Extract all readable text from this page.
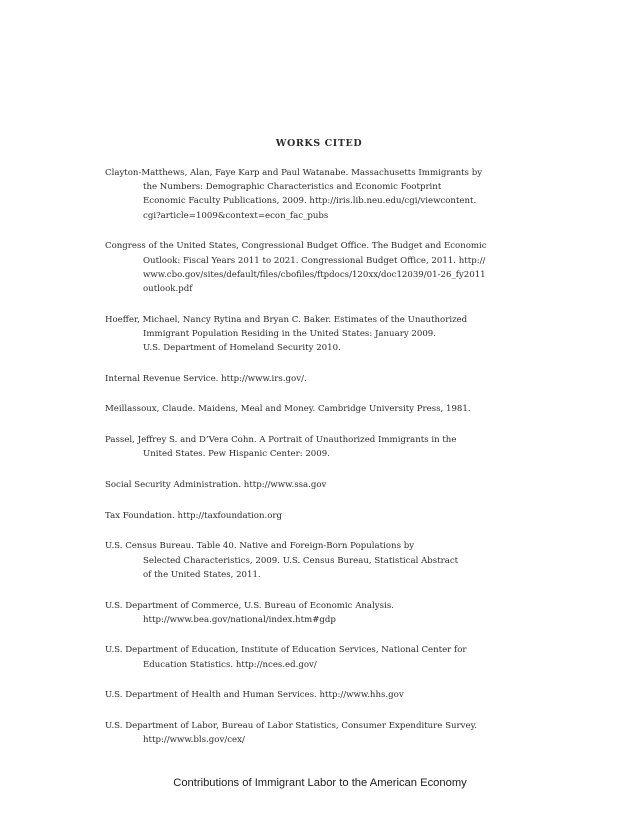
WORKS CITED
Clayton-Matthews, Alan, Faye Karp and Paul Watanabe. Massachusetts Immigrants by
the Numbers: Demographic Characteristics and Economic Footprint
Economic Faculty Publications, 2009. http://iris.lib.neu.edu/cgi/viewcontent.
cgi?article=1009&context=econ_fac_pubs
Congress of the United States, Congressional Budget Office. The Budget and Economic
Outlook: Fiscal Years 2011 to 2021. Congressional Budget Office, 2011. http://
www.cbo.gov/sites/default/files/cbofiles/ftpdocs/120xx/doc12039/01-26_fy2011
outlook.pdf
Hoeffer, Michael, Nancy Rytina and Bryan C. Baker. Estimates of the Unauthorized
Immigrant Population Residing in the United States: January 2009.
U.S. Department of Homeland Security 2010.
Internal Revenue Service. http://www.irs.gov/.
Meillassoux, Claude. Maidens, Meal and Money. Cambridge University Press, 1981.
Passel, Jeffrey S. and D’Vera Cohn. A Portrait of Unauthorized Immigrants in the
United States. Pew Hispanic Center: 2009.
Social Security Administration. http://www.ssa.gov
Tax Foundation. http://taxfoundation.org
U.S. Census Bureau. Table 40. Native and Foreign-Born Populations by
Selected Characteristics, 2009. U.S. Census Bureau, Statistical Abstract
of the United States, 2011.
U.S. Department of Commerce, U.S. Bureau of Economic Analysis.
http://www.bea.gov/national/index.htm#gdp
U.S. Department of Education, Institute of Education Services, National Center for
Education Statistics. http://nces.ed.gov/
U.S. Department of Health and Human Services. http://www.hhs.gov
U.S. Department of Labor, Bureau of Labor Statistics, Consumer Expenditure Survey.
http://www.bls.gov/cex/
Contributions of Immigrant Labor to the American Economy
